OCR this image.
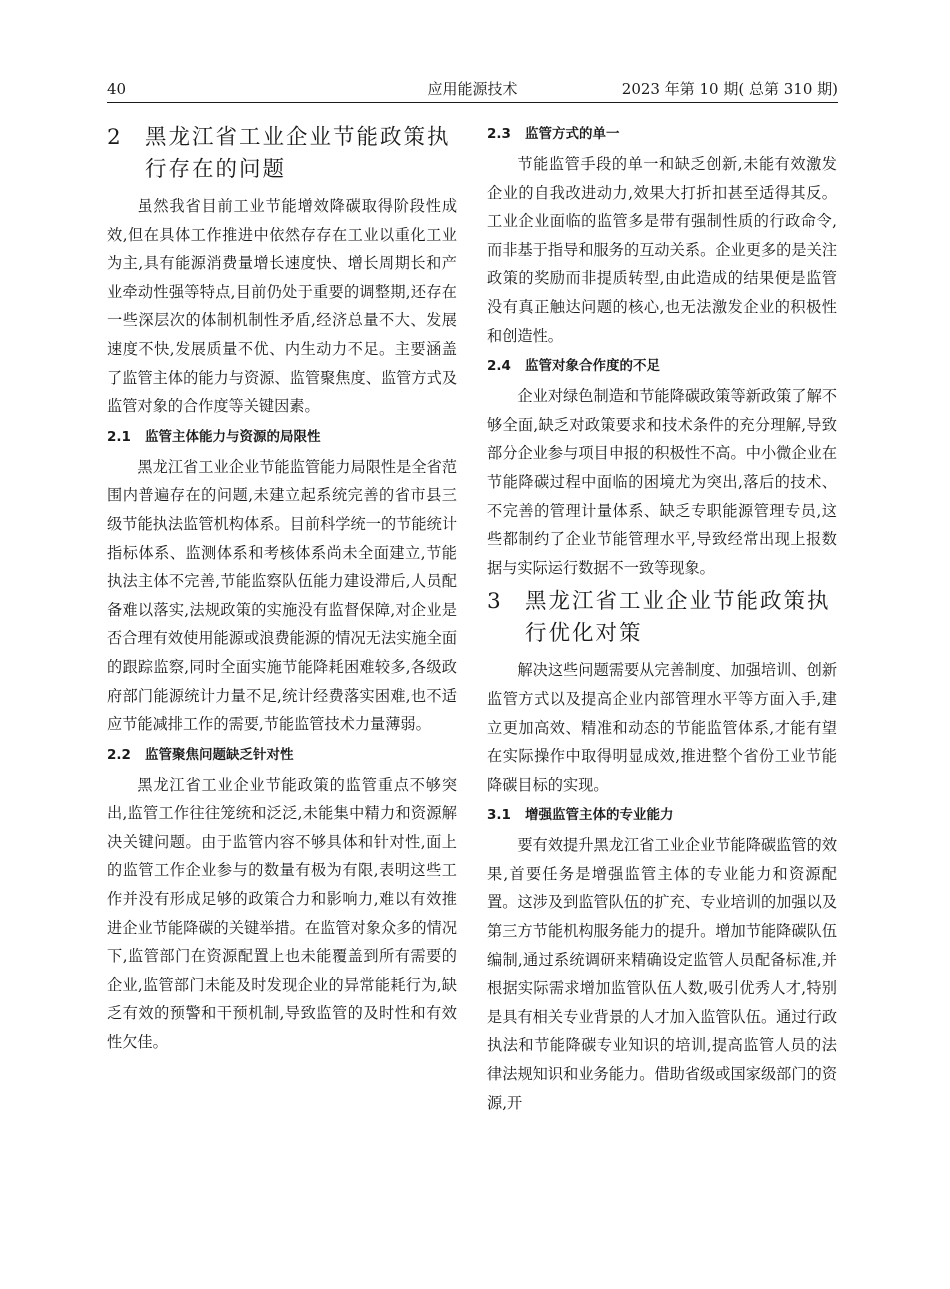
40	应用能源技术	2023 年第 10 期( 总第 310 期)
2	黑龙江省工业企业节能政策执行存在的问题

虽然我省目前工业节能增效降碳取得阶段性成效,但在具体工作推进中依然存存在工业以重化工业为主,具有能源消费量增长速度快、增长周期长和产业牵动性强等特点,目前仍处于重要的调整期,还存在一些深层次的体制机制性矛盾,经济总量不大、发展速度不快,发展质量不优、内生动力不足。主要涵盖了监管主体的能力与资源、监管聚焦度、监管方式及监管对象的合作度等关键因素。

2.1 监管主体能力与资源的局限性

黑龙江省工业企业节能监管能力局限性是全省范围内普遍存在的问题,未建立起系统完善的省市县三级节能执法监管机构体系。目前科学统一的节能统计指标体系、监测体系和考核体系尚未全面建立,节能执法主体不完善,节能监察队伍能力建设滞后,人员配备难以落实,法规政策的实施没有监督保障,对企业是否合理有效使用能源或浪费能源的情况无法实施全面的跟踪监察,同时全面实施节能降耗困难较多,各级政府部门能源统计力量不足,统计经费落实困难,也不适应节能减排工作的需要,节能监管技术力量薄弱。

2.2 监管聚焦问题缺乏针对性

黑龙江省工业企业节能政策的监管重点不够突出,监管工作往往笼统和泛泛,未能集中精力和资源解决关键问题。由于监管内容不够具体和针对性,面上的监管工作企业参与的数量有极为有限,表明这些工作并没有形成足够的政策合力和影响力,难以有效推进企业节能降碳的关键举措。在监管对象众多的情况下,监管部门在资源配置上也未能覆盖到所有需要的企业,监管部门未能及时发现企业的异常能耗行为,缺乏有效的预警和干预机制,导致监管的及时性和有效性欠佳。

2.3 监管方式的单一

节能监管手段的单一和缺乏创新,未能有效激发企业的自我改进动力,效果大打折扣甚至适得其反。工业企业面临的监管多是带有强制性质的行政命令,而非基于指导和服务的互动关系。企业更多的是关注政策的奖励而非提质转型,由此造成的结果便是监管没有真正触达问题的核心,也无法激发企业的积极性和创造性。

2.4 监管对象合作度的不足

企业对绿色制造和节能降碳政策等新政策了解不够全面,缺乏对政策要求和技术条件的充分理解,导致部分企业参与项目申报的积极性不高。中小微企业在节能降碳过程中面临的困境尤为突出,落后的技术、不完善的管理计量体系、缺乏专职能源管理专员,这些都制约了企业节能管理水平,导致经常出现上报数据与实际运行数据不一致等现象。

3	黑龙江省工业企业节能政策执行优化对策

解决这些问题需要从完善制度、加强培训、创新监管方式以及提高企业内部管理水平等方面入手,建立更加高效、精准和动态的节能监管体系,才能有望在实际操作中取得明显成效,推进整个省份工业节能降碳目标的实现。

3.1 增强监管主体的专业能力

要有效提升黑龙江省工业企业节能降碳监管的效果,首要任务是增强监管主体的专业能力和资源配置。这涉及到监管队伍的扩充、专业培训的加强以及第三方节能机构服务能力的提升。增加节能降碳队伍编制,通过系统调研来精确设定监管人员配备标准,并根据实际需求增加监管队伍人数,吸引优秀人才,特别是具有相关专业背景的人才加入监管队伍。通过行政执法和节能降碳专业知识的培训,提高监管人员的法律法规知识和业务能力。借助省级或国家级部门的资源,开
